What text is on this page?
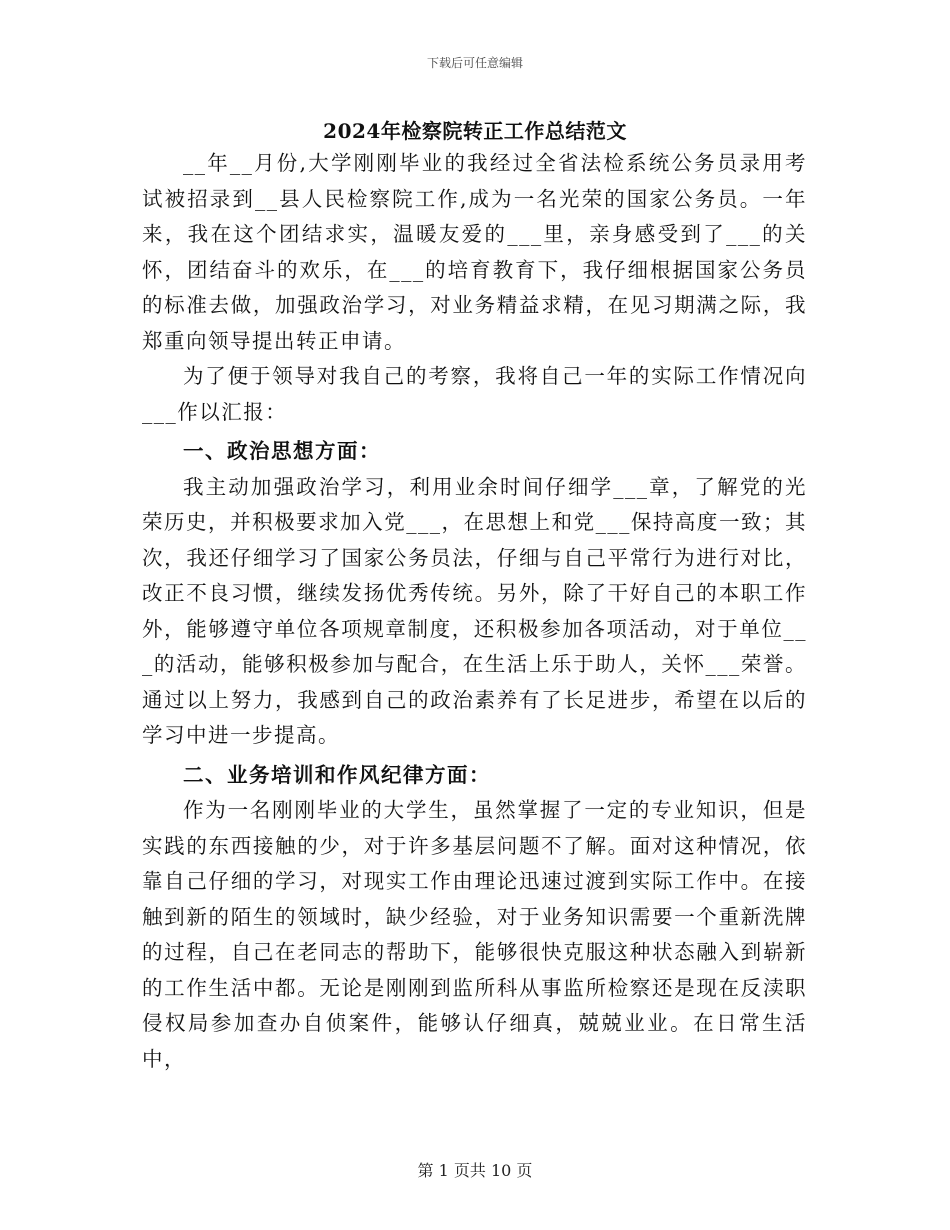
下载后可任意编辑
2024年检察院转正工作总结范文

__年__月份,大学刚刚毕业的我经过全省法检系统公务员录用考试被招录到__县人民检察院工作,成为一名光荣的国家公务员。一年来，我在这个团结求实，温暖友爱的___里，亲身感受到了___的关怀，团结奋斗的欢乐，在___的培育教育下，我仔细根据国家公务员的标准去做，加强政治学习，对业务精益求精，在见习期满之际，我郑重向领导提出转正申请。

为了便于领导对我自己的考察，我将自己一年的实际工作情况向___作以汇报：

一、政治思想方面：

我主动加强政治学习，利用业余时间仔细学___章，了解党的光荣历史，并积极要求加入党___，在思想上和党___保持高度一致；其次，我还仔细学习了国家公务员法，仔细与自己平常行为进行对比，改正不良习惯，继续发扬优秀传统。另外，除了干好自己的本职工作外，能够遵守单位各项规章制度，还积极参加各项活动，对于单位___的活动，能够积极参加与配合，在生活上乐于助人，关怀___荣誉。通过以上努力，我感到自己的政治素养有了长足进步，希望在以后的学习中进一步提高。

二、业务培训和作风纪律方面：

作为一名刚刚毕业的大学生，虽然掌握了一定的专业知识，但是实践的东西接触的少，对于许多基层问题不了解。面对这种情况，依靠自己仔细的学习，对现实工作由理论迅速过渡到实际工作中。在接触到新的陌生的领域时，缺少经验，对于业务知识需要一个重新洗牌的过程，自己在老同志的帮助下，能够很快克服这种状态融入到崭新的工作生活中都。无论是刚刚到监所科从事监所检察还是现在反渎职侵权局参加查办自侦案件，能够认仔细真，兢兢业业。在日常生活中，

第 1 页共 10 页
